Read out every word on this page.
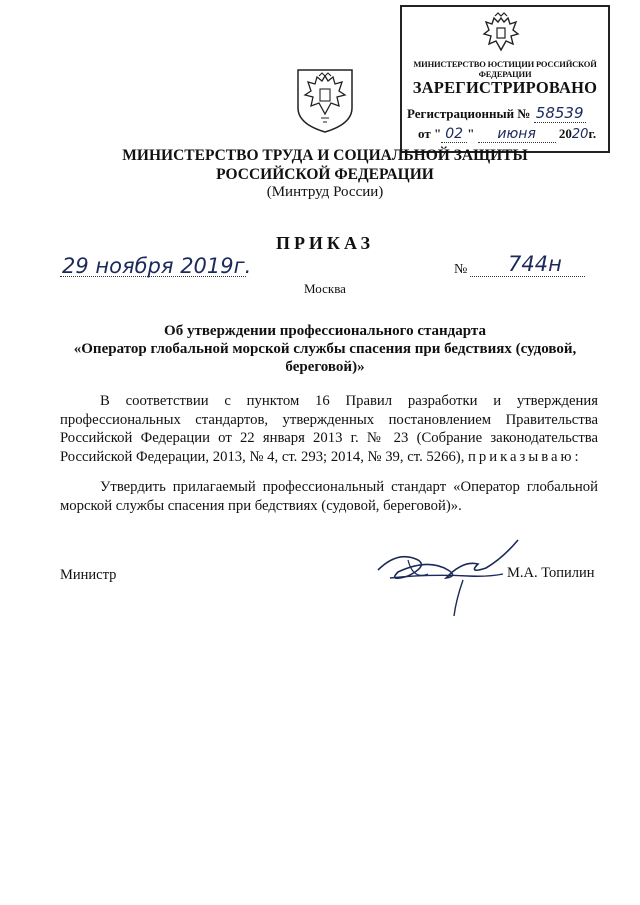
МИНИСТЕРСТВО ЮСТИЦИИ РОССИЙСКОЙ ФЕДЕРАЦИИ
ЗАРЕГИСТРИРОВАНО
Регистрационный № 58539
от " 02 " июня 2020г.
МИНИСТЕРСТВО ТРУДА И СОЦИАЛЬНОЙ ЗАЩИТЫ
РОССИЙСКОЙ ФЕДЕРАЦИИ
(Минтруд России)
ПРИКАЗ
29 ноября 2019г.	№ 744н
Москва
Об утверждении профессионального стандарта
«Оператор глобальной морской службы спасения при бедствиях (судовой, береговой)»
В соответствии с пунктом 16 Правил разработки и утверждения профессиональных стандартов, утвержденных постановлением Правительства Российской Федерации от 22 января 2013 г. № 23 (Собрание законодательства Российской Федерации, 2013, № 4, ст. 293; 2014, № 39, ст. 5266), приказываю:
Утвердить прилагаемый профессиональный стандарт «Оператор глобальной морской службы спасения при бедствиях (судовой, береговой)».
Министр	М.А. Топилин
